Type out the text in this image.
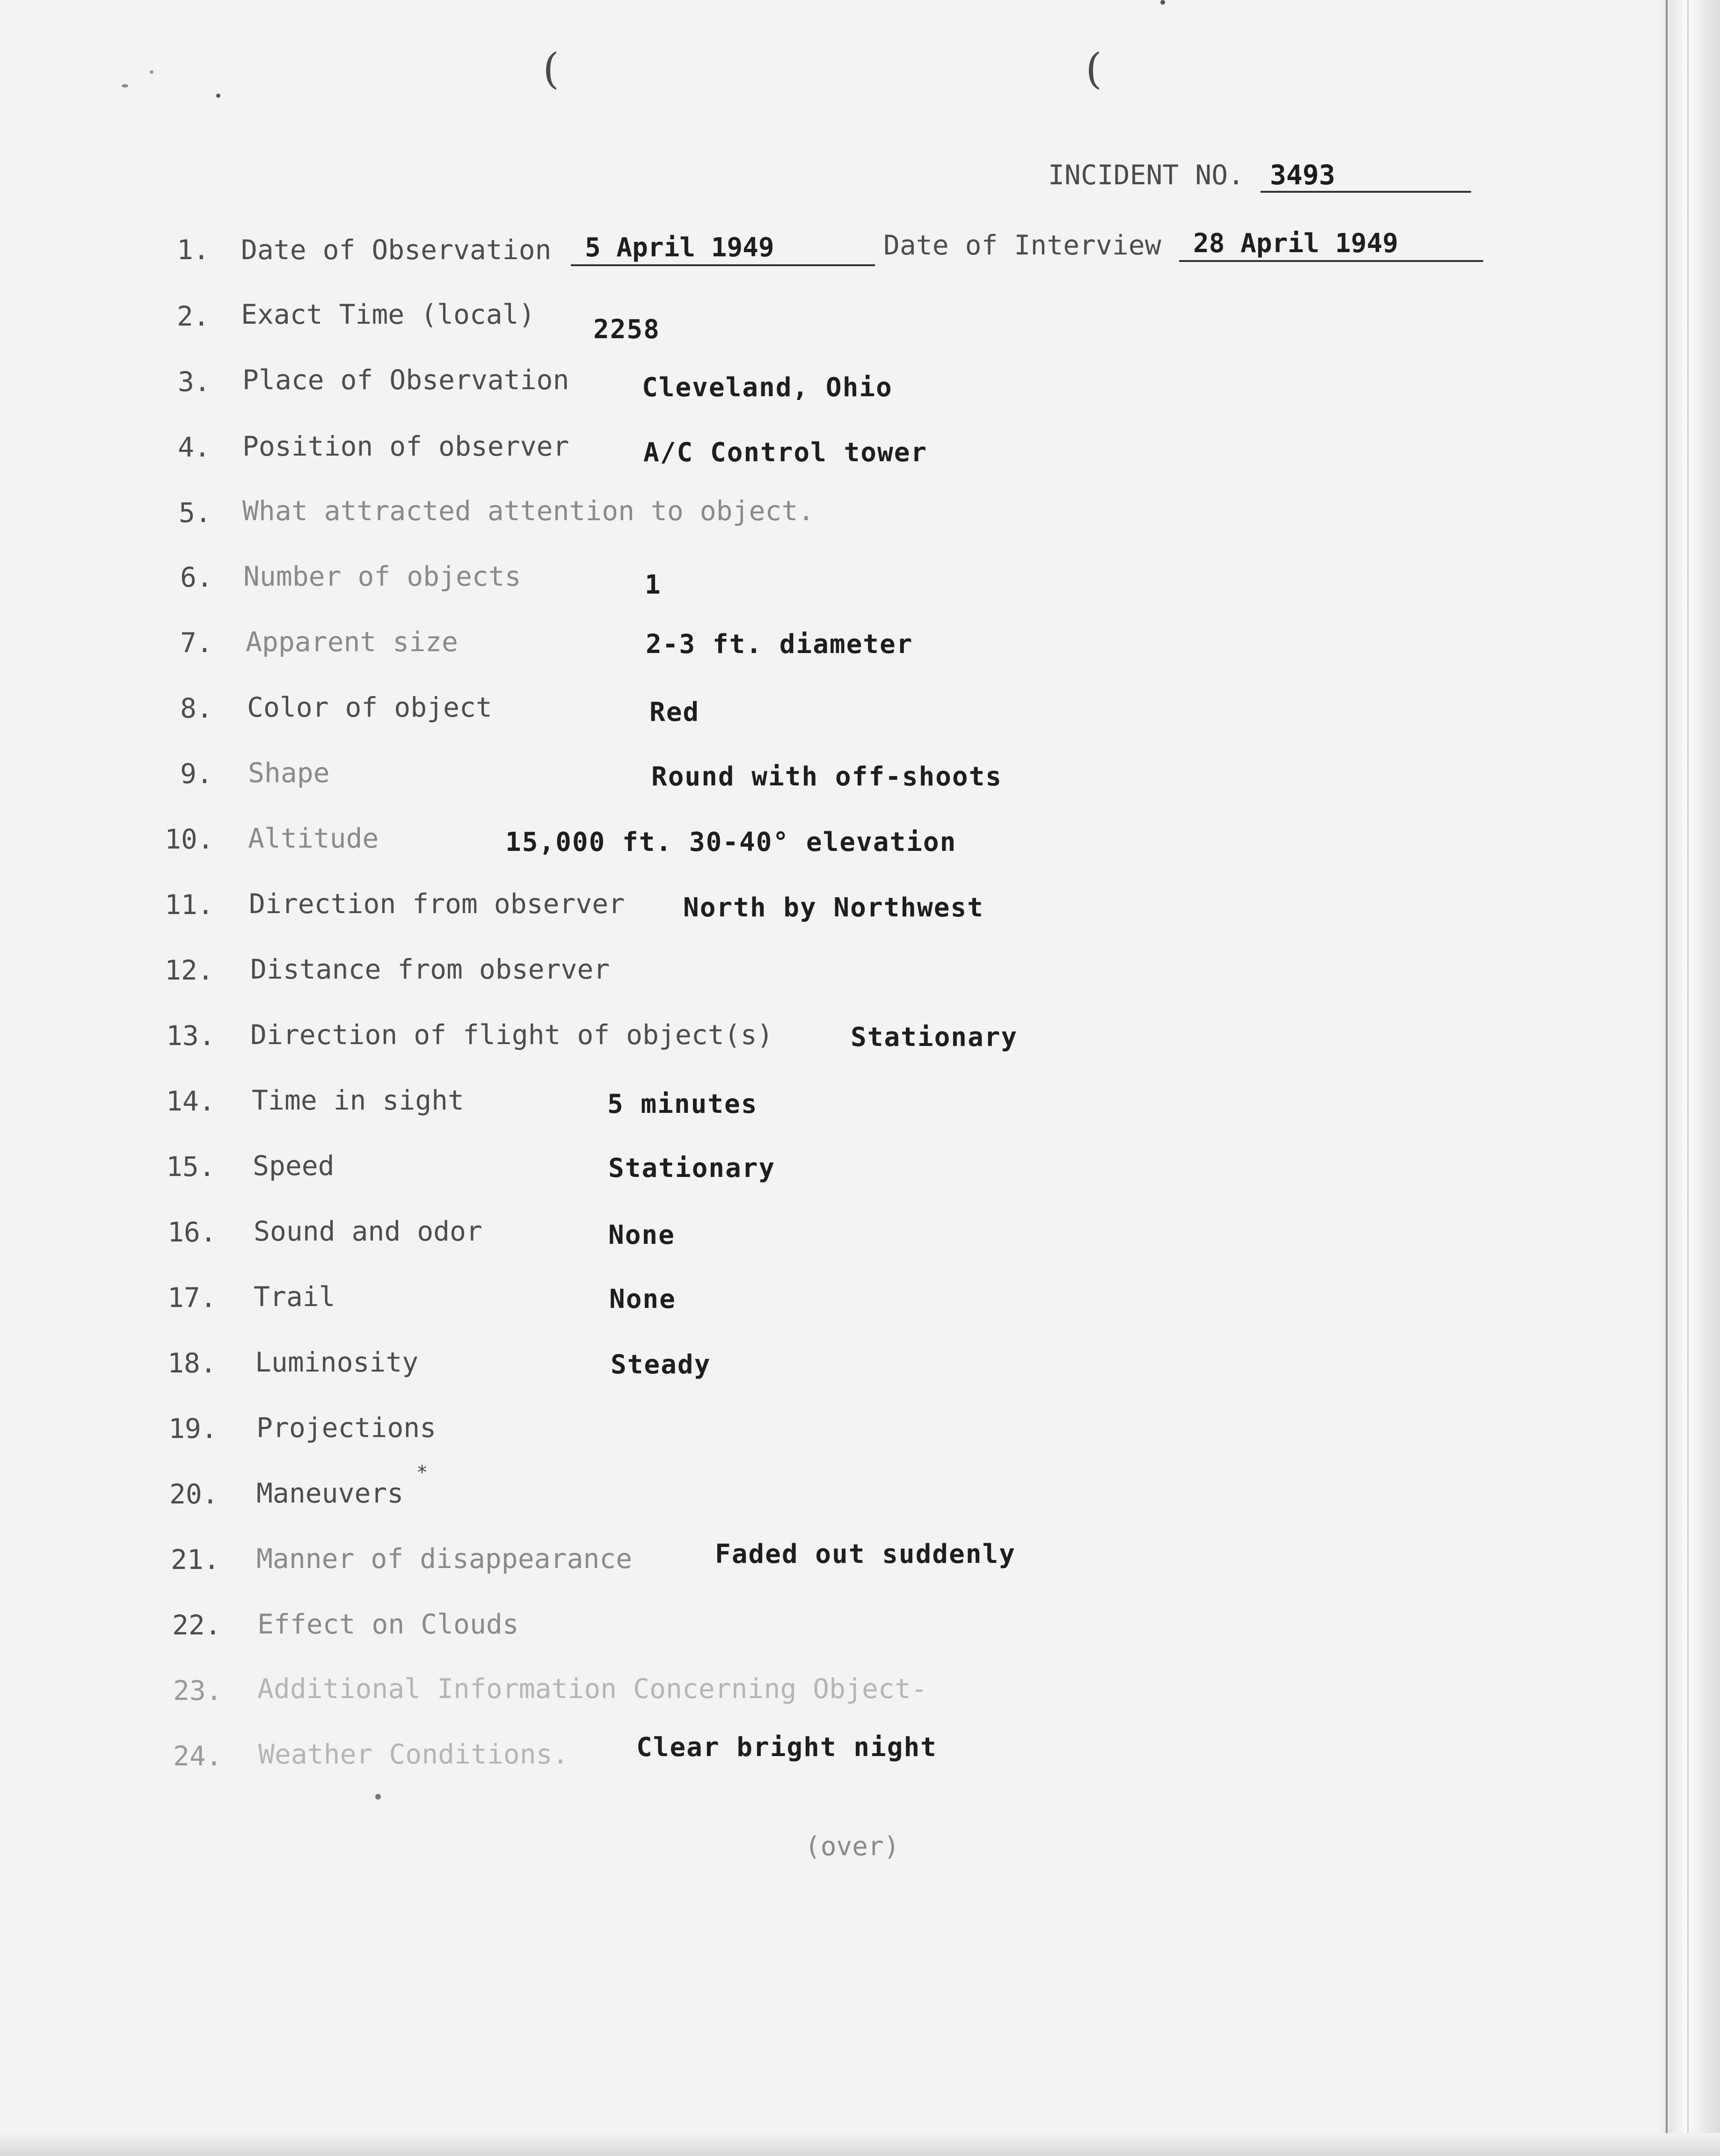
(	(
INCIDENT NO. 3493
1. Date of Observation	5 April 1949	Date of Interview	28 April 1949
2. Exact Time (local) 2258
3. Place of Observation	Cleveland, Ohio
4. Position of observer	A/C Control tower
5. What attracted attention to object.
6. Number of objects	1
7. Apparent size	2-3 ft. diameter
8. Color of object	Red
9. Shape	Round with off-shoots
10. Altitude	15,000 ft. 30-40° elevation
11. Direction from observer North by Northwest
12. Distance from observer
13. Direction of flight of object(s)	Stationary
14. Time in sight	5 minutes
15. Speed	Stationary
16. Sound and odor	None
17. Trail	None
18. Luminosity	Steady
19. Projections
20. Maneuvers
*
21. Manner of disappearance	Faded out suddenly
22. Effect on Clouds
23. Additional Information Concerning Object-
24. Weather Conditions.	Clear bright night
(over)
